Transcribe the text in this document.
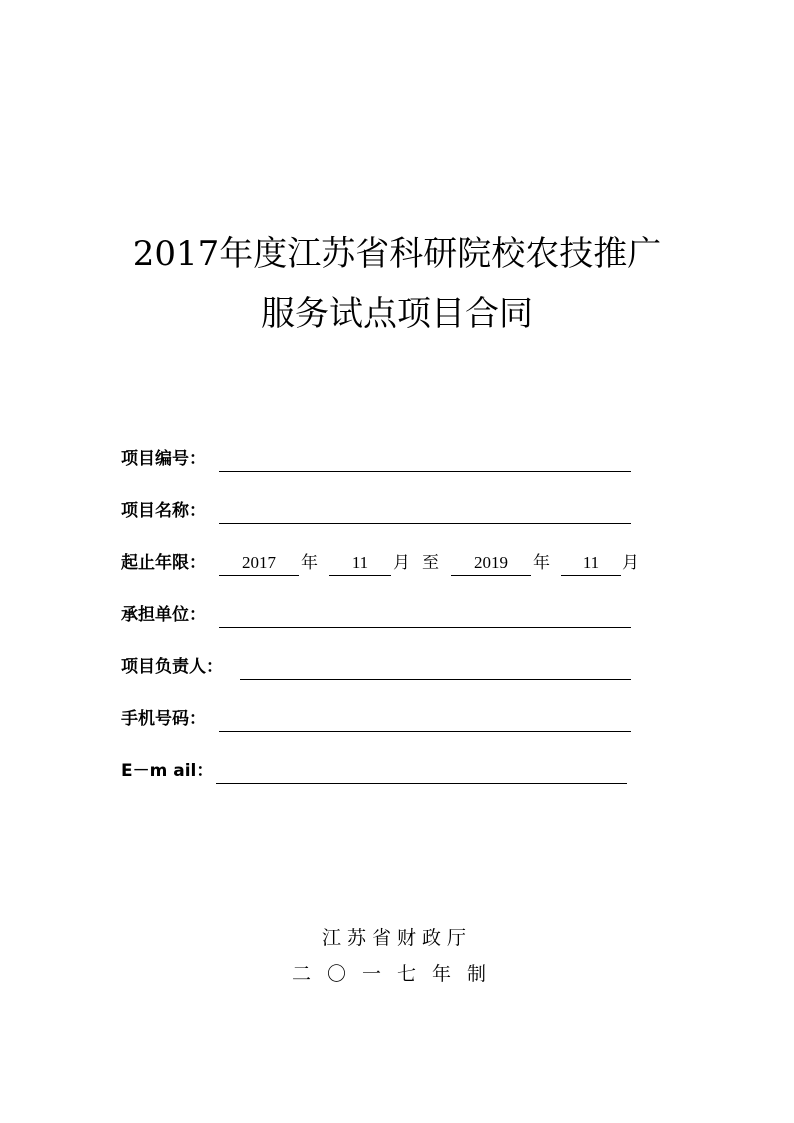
2017年度江苏省科研院校农技推广
服务试点项目合同
项目编号：
项目名称：
起止年限：	2017	年	11	月 至	2019	年	11	月
承担单位：
项目负责人：
手机号码：
E－m ail：
江苏省财政厅
二〇一七年制
